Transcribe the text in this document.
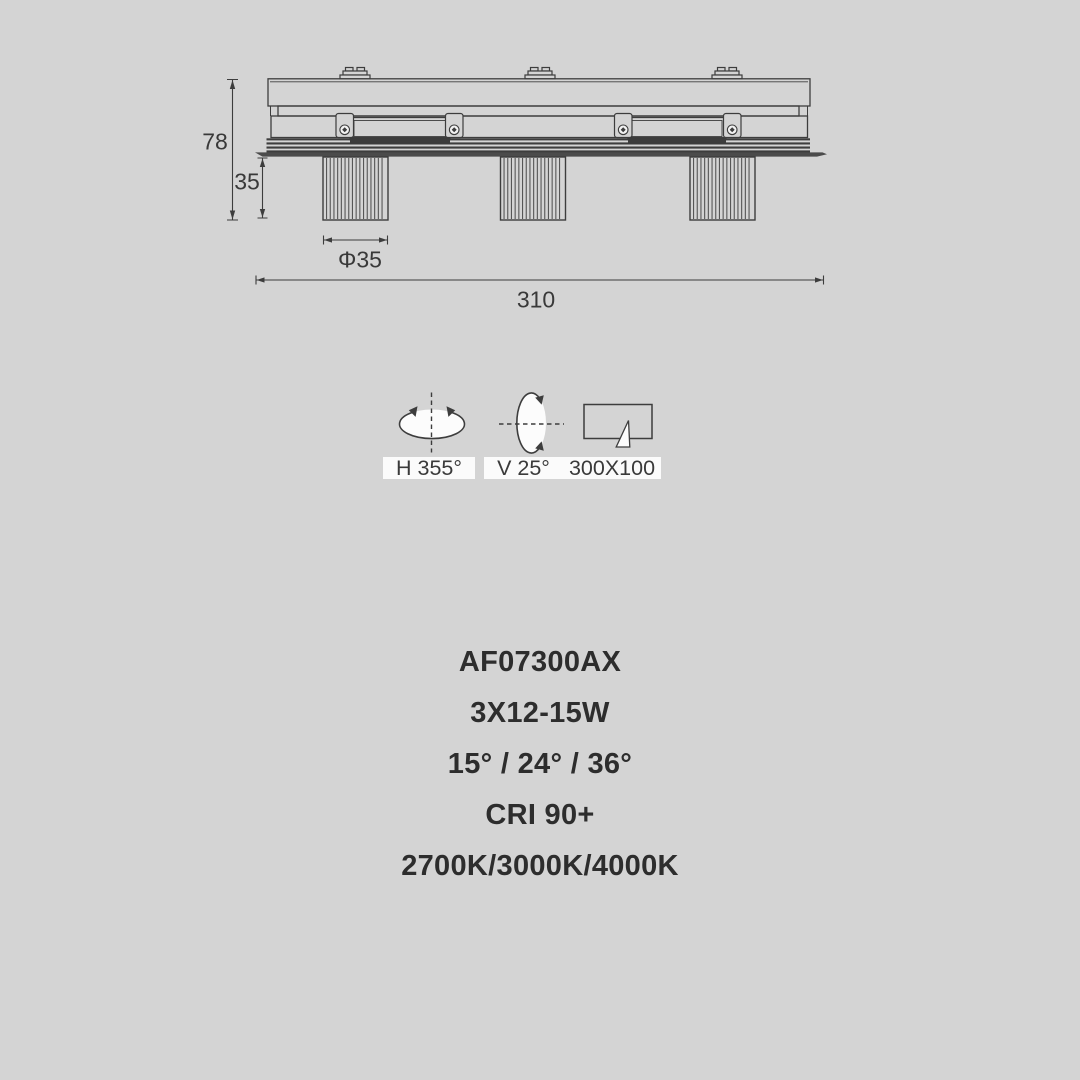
78
35
Φ35
310
H 355° V 25° 300X100
AF07300AX
3X12-15W
15° / 24° / 36°
CRI 90+
2700K/3000K/4000K
